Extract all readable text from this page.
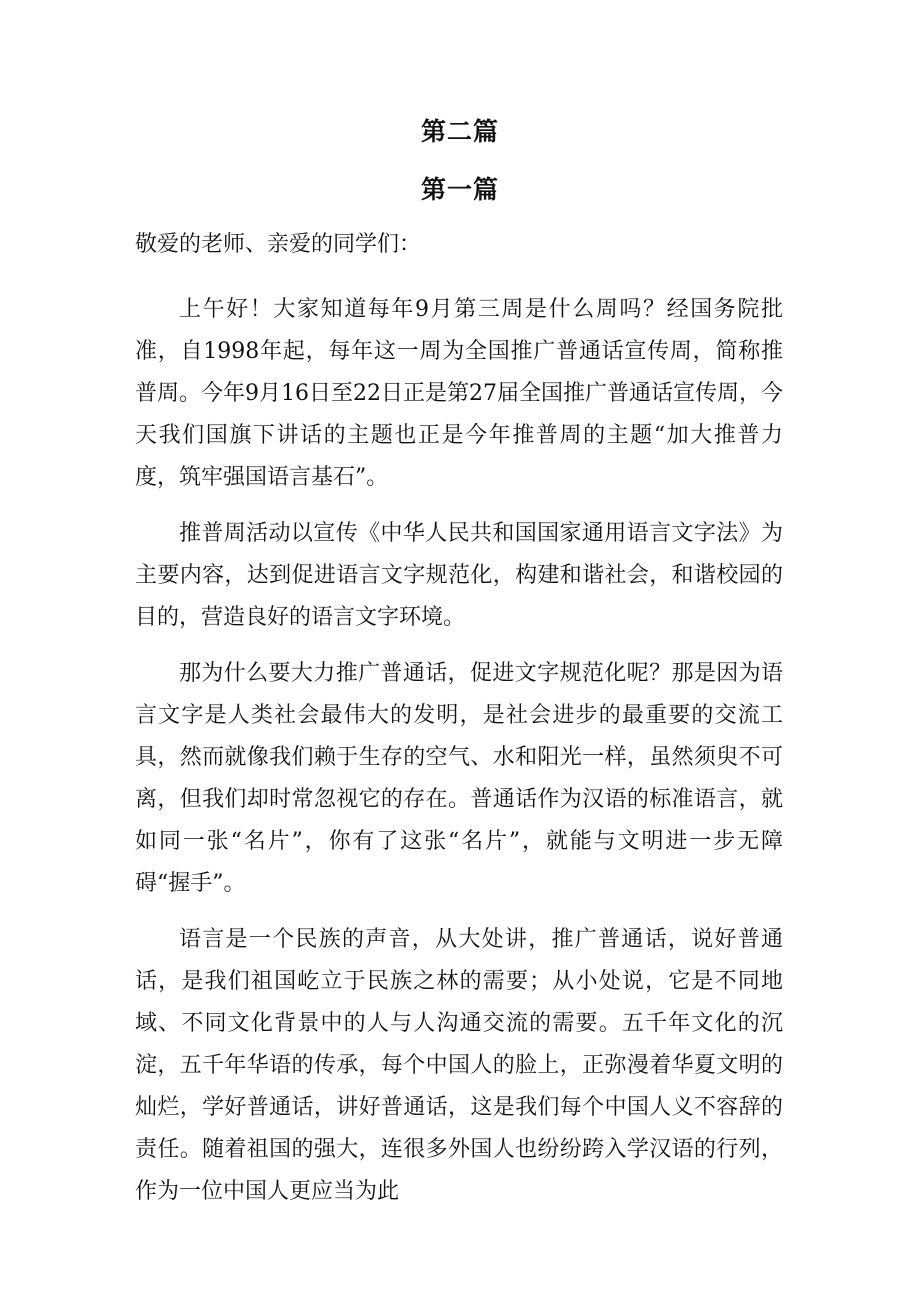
第二篇
第一篇

敬爱的老师、亲爱的同学们：

上午好！大家知道每年9月第三周是什么周吗？经国务院批准，自1998年起，每年这一周为全国推广普通话宣传周，简称推普周。今年9月16日至22日正是第27届全国推广普通话宣传周，今天我们国旗下讲话的主题也正是今年推普周的主题“加大推普力度，筑牢强国语言基石”。

推普周活动以宣传《中华人民共和国国家通用语言文字法》为主要内容，达到促进语言文字规范化，构建和谐社会，和谐校园的目的，营造良好的语言文字环境。

那为什么要大力推广普通话，促进文字规范化呢？那是因为语言文字是人类社会最伟大的发明，是社会进步的最重要的交流工具，然而就像我们赖于生存的空气、水和阳光一样，虽然须臾不可离，但我们却时常忽视它的存在。普通话作为汉语的标准语言，就如同一张“名片”，你有了这张“名片”，就能与文明进一步无障碍“握手”。

语言是一个民族的声音，从大处讲，推广普通话，说好普通话，是我们祖国屹立于民族之林的需要；从小处说，它是不同地域、不同文化背景中的人与人沟通交流的需要。五千年文化的沉淀，五千年华语的传承，每个中国人的脸上，正弥漫着华夏文明的灿烂，学好普通话，讲好普通话，这是我们每个中国人义不容辞的责任。随着祖国的强大，连很多外国人也纷纷跨入学汉语的行列，作为一位中国人更应当为此
